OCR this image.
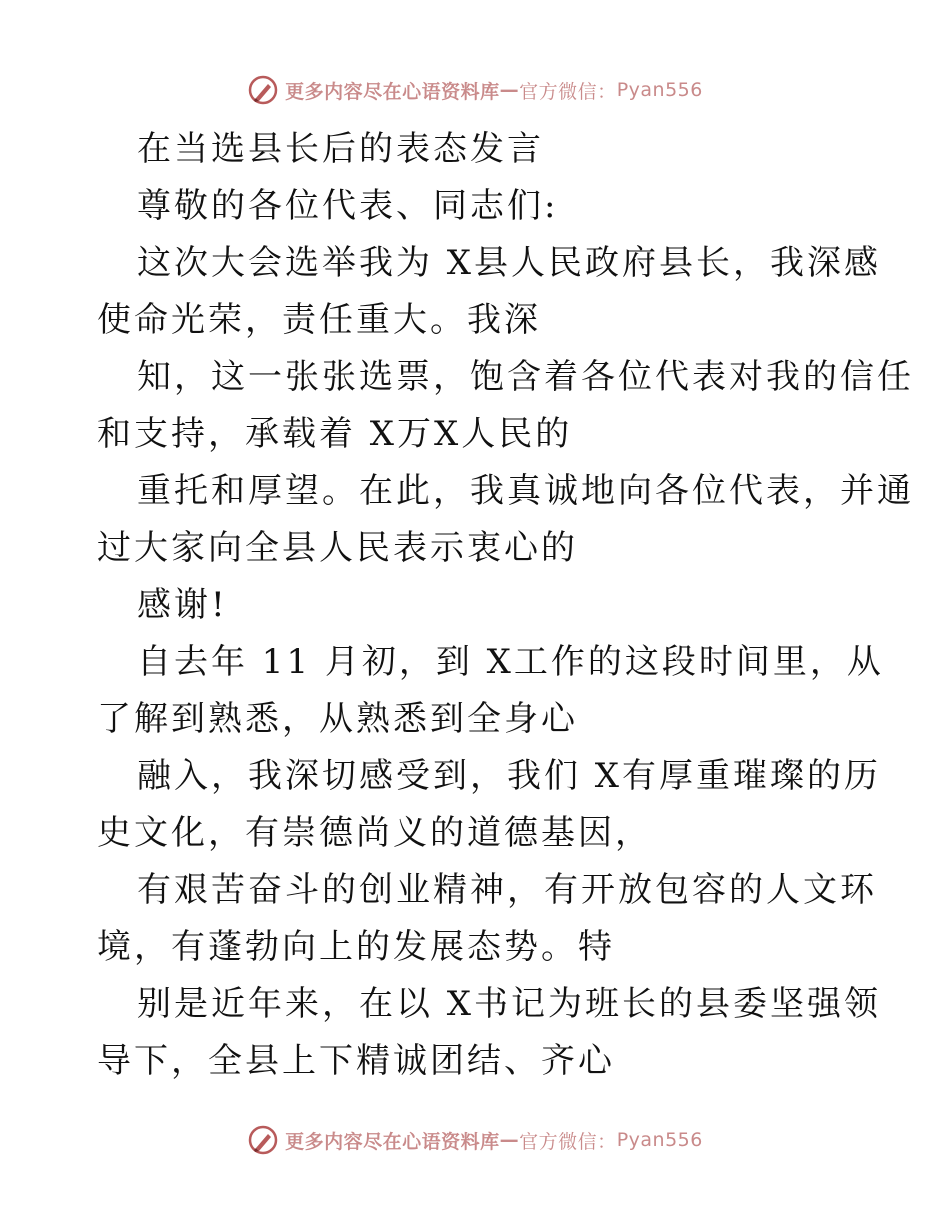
更多内容尽在心语资料库 — 官方微信： Pyan556
在当选县长后的表态发言
尊敬的各位代表、同志们:
这次大会选举我为 X县人民政府县长，我深感
使命光荣，责任重大。我深
知，这一张张选票，饱含着各位代表对我的信任
和支持，承载着 X万X人民的
重托和厚望。在此，我真诚地向各位代表，并通
过大家向全县人民表示衷心的
感谢!
自去年 11 月初，到 X工作的这段时间里，从
了解到熟悉，从熟悉到全身心
融入，我深切感受到，我们 X有厚重璀璨的历
史文化，有崇德尚义的道德基因，
有艰苦奋斗的创业精神，有开放包容的人文环
境，有蓬勃向上的发展态势。特
别是近年来，在以 X书记为班长的县委坚强领
导下，全县上下精诚团结、齐心
更多内容尽在心语资料库 — 官方微信： Pyan556
